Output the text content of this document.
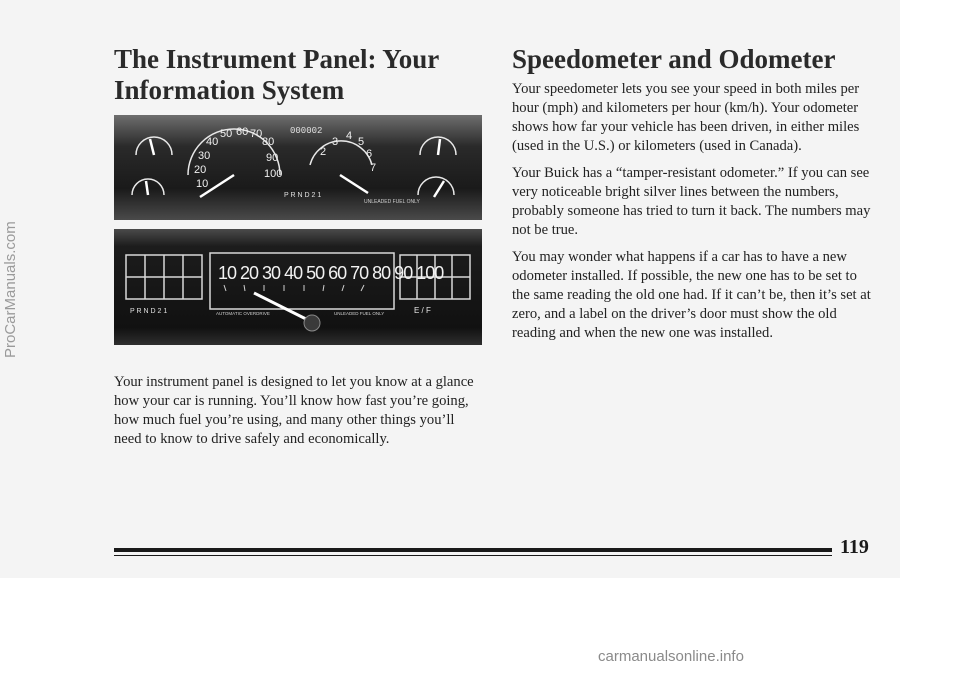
ProCarManuals.com
The Instrument Panel: Your Information System
40
50 60 70
80
30	90
20	100
10
3 4 5
6
7
2
000002
P R N D 2 1
UNLEADED FUEL ONLY
10 20 30 40 50 60 70 80 90 100
P R N D 2 1	AUTOMATIC OVERDRIVE	UNLEADED FUEL ONLY	E / F

Your instrument panel is designed to let you know at a glance how your car is running. You’ll know how fast you’re going, how much fuel you’re using, and many other things you’ll need to know to drive safely and economically.

Speedometer and Odometer

Your speedometer lets you see your speed in both miles per hour (mph) and kilometers per hour (km/h). Your odometer shows how far your vehicle has been driven, in either miles (used in the U.S.) or kilometers (used in Canada).

Your Buick has a “tamper-resistant odometer.” If you can see very noticeable bright silver lines between the numbers, probably someone has tried to turn it back. The numbers may not be true.

You may wonder what happens if a car has to have a new odometer installed. If possible, the new one has to be set to the same reading the old one had. If it can’t be, then it’s set at zero, and a label on the driver’s door must show the old reading and when the new one was installed.

119
carmanualsonline.info
